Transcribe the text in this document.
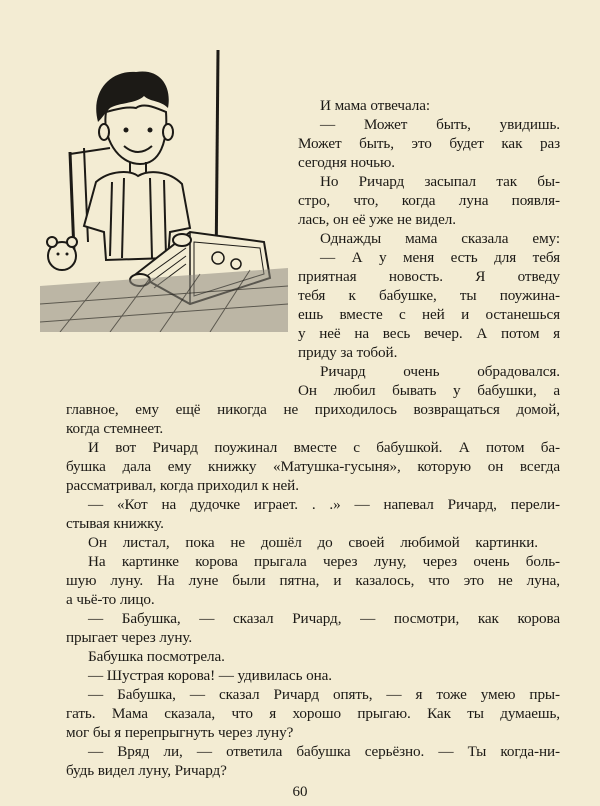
И мама отвечала:
— Может быть, увидишь.
Может быть, это будет как раз
сегодня ночью.
Но Ричард засыпал так бы-
стро, что, когда луна появля-
лась, он её уже не видел.
Однажды мама сказала ему:
— А у меня есть для тебя
приятная новость. Я отведу
тебя к бабушке, ты поужина-
ешь вместе с ней и останешься
у неё на весь вечер. А потом я
приду за тобой.
Ричард очень обрадовался.
Он любил бывать у бабушки, а
главное, ему ещё никогда не приходилось возвращаться домой,
когда стемнеет.
И вот Ричард поужинал вместе с бабушкой. А потом ба-
бушка дала ему книжку «Матушка-гусыня», которую он всегда
рассматривал, когда приходил к ней.
— «Кот на дудочке играет. . .» — напевал Ричард, перели-
стывая книжку.
Он листал, пока не дошёл до своей любимой картинки.
На картинке корова прыгала через луну, через очень боль-
шую луну. На луне были пятна, и казалось, что это не луна,
а чьё-то лицо.
— Бабушка, — сказал Ричард, — посмотри, как корова
прыгает через луну.
Бабушка посмотрела.
— Шустрая корова! — удивилась она.
— Бабушка, — сказал Ричард опять, — я тоже умею пры-
60
гать. Мама сказала, что я хорошо прыгаю. Как ты думаешь,
мог бы я перепрыгнуть через луну?
— Вряд ли, — ответила бабушка серьёзно. — Ты когда-ни-
будь видел луну, Ричард?
